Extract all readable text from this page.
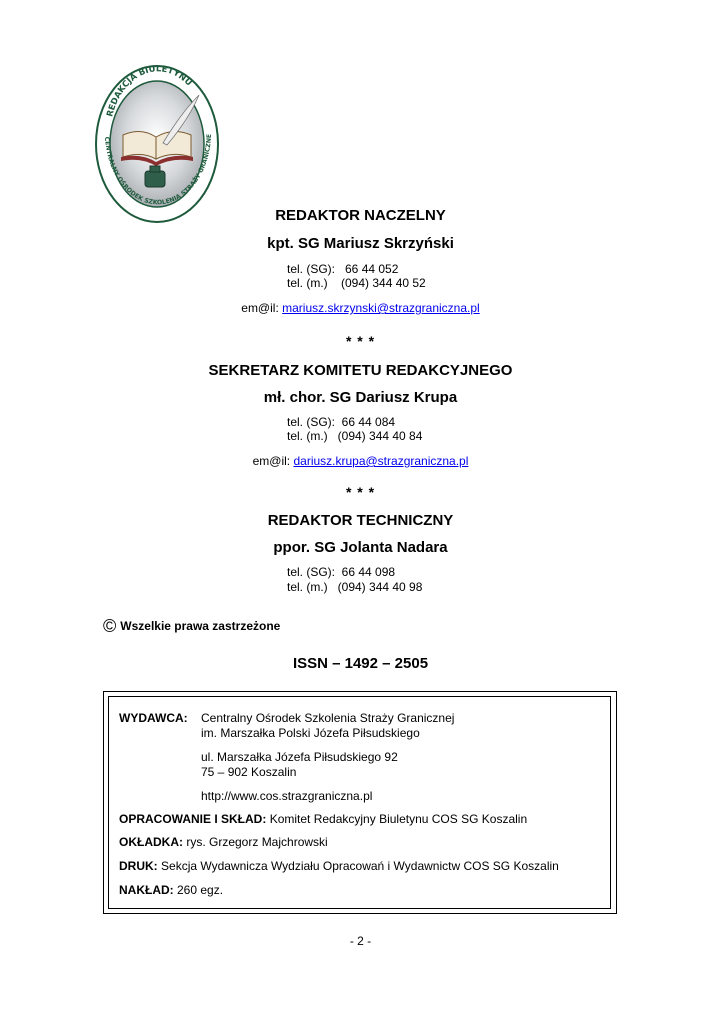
REDAKCJA BIULETYNU
CENTRALNY OŚRODEK SZKOLENIA STRAŻY GRANICZNE
REDAKTOR NACZELNY
kpt. SG Mariusz Skrzyński
tel. (SG):   66 44 052
tel. (m.)    (094) 344 40 52
em@il: mariusz.skrzynski@strazgraniczna.pl
* * *
SEKRETARZ KOMITETU REDAKCYJNEGO
mł. chor. SG Dariusz Krupa
tel. (SG):  66 44 084
tel. (m.)   (094) 344 40 84
em@il: dariusz.krupa@strazgraniczna.pl
* * *
REDAKTOR TECHNICZNY
ppor. SG Jolanta Nadara
tel. (SG):  66 44 098
tel. (m.)   (094) 344 40 98
© Wszelkie prawa zastrzeżone
ISSN – 1492 – 2505
WYDAWCA: Centralny Ośrodek Szkolenia Straży Granicznej
im. Marszałka Polski Józefa Piłsudskiego
ul. Marszałka Józefa Piłsudskiego 92
75 – 902 Koszalin
http://www.cos.strazgraniczna.pl
OPRACOWANIE I SKŁAD: Komitet Redakcyjny Biuletynu COS SG Koszalin
OKŁADKA: rys. Grzegorz Majchrowski
DRUK: Sekcja Wydawnicza Wydziału Opracowań i Wydawnictw COS SG Koszalin
NAKŁAD: 260 egz.
- 2 -
